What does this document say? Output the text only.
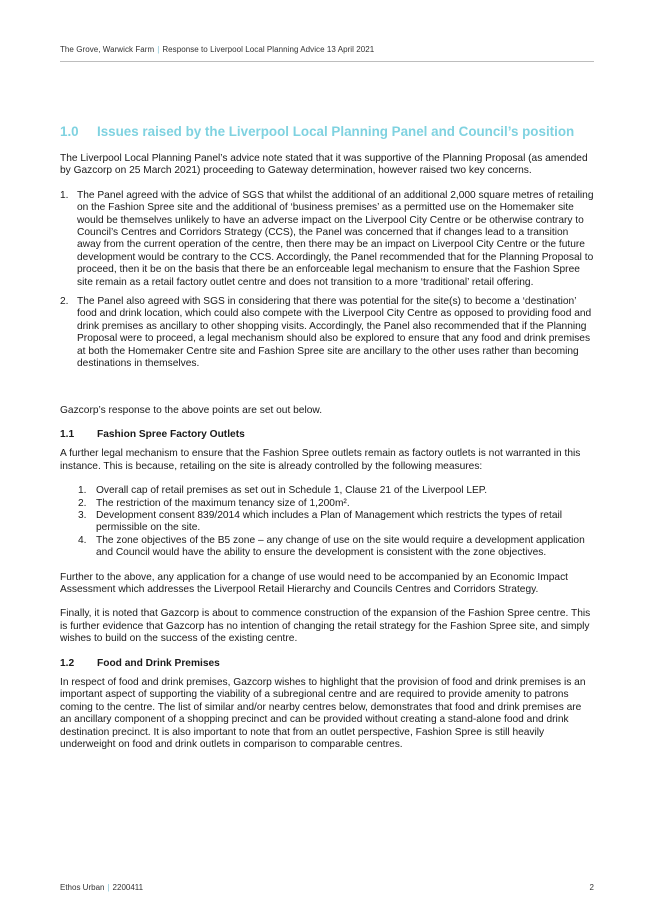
The Grove, Warwick Farm | Response to Liverpool Local Planning Advice 13 April 2021
1.0	Issues raised by the Liverpool Local Planning Panel and Council’s position

The Liverpool Local Planning Panel’s advice note stated that it was supportive of the Planning Proposal (as amended by Gazcorp on 25 March 2021) proceeding to Gateway determination, however raised two key concerns.

1. The Panel agreed with the advice of SGS that whilst the additional of an additional 2,000 square metres of retailing on the Fashion Spree site and the additional of ‘business premises’ as a permitted use on the Homemaker site would be themselves unlikely to have an adverse impact on the Liverpool City Centre or be otherwise contrary to Council’s Centres and Corridors Strategy (CCS), the Panel was concerned that if changes lead to a transition away from the current operation of the centre, then there may be an impact on Liverpool City Centre or the future development would be contrary to the CCS. Accordingly, the Panel recommended that for the Planning Proposal to proceed, then it be on the basis that there be an enforceable legal mechanism to ensure that the Fashion Spree site remain as a retail factory outlet centre and does not transition to a more ‘traditional’ retail offering.
2. The Panel also agreed with SGS in considering that there was potential for the site(s) to become a ‘destination’ food and drink location, which could also compete with the Liverpool City Centre as opposed to providing food and drink premises as ancillary to other shopping visits. Accordingly, the Panel also recommended that if the Planning Proposal were to proceed, a legal mechanism should also be explored to ensure that any food and drink premises at both the Homemaker Centre site and Fashion Spree site are ancillary to the other uses rather than becoming destinations in themselves.

Gazcorp’s response to the above points are set out below.

1.1	Fashion Spree Factory Outlets

A further legal mechanism to ensure that the Fashion Spree outlets remain as factory outlets is not warranted in this instance. This is because, retailing on the site is already controlled by the following measures:

1. Overall cap of retail premises as set out in Schedule 1, Clause 21 of the Liverpool LEP.
2. The restriction of the maximum tenancy size of 1,200m².
3. Development consent 839/2014 which includes a Plan of Management which restricts the types of retail permissible on the site.
4. The zone objectives of the B5 zone – any change of use on the site would require a development application and Council would have the ability to ensure the development is consistent with the zone objectives.

Further to the above, any application for a change of use would need to be accompanied by an Economic Impact Assessment which addresses the Liverpool Retail Hierarchy and Councils Centres and Corridors Strategy.

Finally, it is noted that Gazcorp is about to commence construction of the expansion of the Fashion Spree centre. This is further evidence that Gazcorp has no intention of changing the retail strategy for the Fashion Spree site, and simply wishes to build on the success of the existing centre.

1.2	Food and Drink Premises

In respect of food and drink premises, Gazcorp wishes to highlight that the provision of food and drink premises is an important aspect of supporting the viability of a subregional centre and are required to provide amenity to patrons coming to the centre. The list of similar and/or nearby centres below, demonstrates that food and drink premises are an ancillary component of a shopping precinct and can be provided without creating a stand-alone food and drink destination precinct. It is also important to note that from an outlet perspective, Fashion Spree is still heavily underweight on food and drink outlets in comparison to comparable centres.

Ethos Urban | 2200411	2
